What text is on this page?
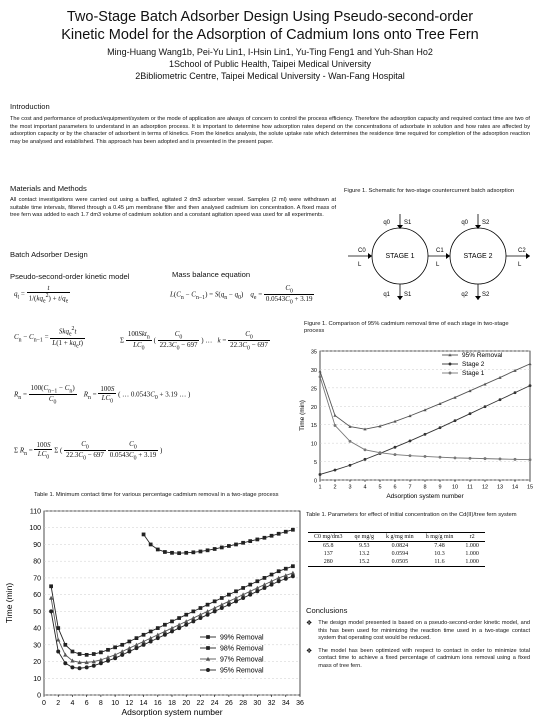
Two-Stage Batch Adsorber Design Using Pseudo-second-order
Kinetic Model for the Adsorption of Cadmium Ions onto Tree Fern
Ming-Huang Wang1b, Pei-Yu Lin1, I-Hsin Lin1, Yu-Ting Feng1 and Yuh-Shan Ho2
1School of Public Health, Taipei Medical University
2Bibliometric Centre, Taipei Medical University - Wan-Fang Hospital
Introduction
The cost and performance of product/equipment/system or the mode of application are always of concern to control the process efficiency. Therefore the adsorption capacity and required contact time are two of the most important parameters to understand in an adsorption process. It is important to determine how adsorption rates depend on the concentrations of adsorbate in solution and how rates are affected by adsorption capacity or by the character of adsorbent in terms of kinetics. From the kinetics analysis, the solute uptake rate which determines the residence time required for completion of the adsorption reaction may be analysed and established. This approach has been adopted and is presented in the present paper.
Materials and Methods
All contact investigations were carried out using a baffled, agitated 2 dm3 adsorber vessel. Samples (2 ml) were withdrawn at suitable time intervals, filtered through a 0.45 µm membrane filter and then analysed cadmium ion concentration. A fixed mass of tree fern was added to each 1.7 dm3 volume of cadmium solution and a constant agitation speed was used for all experiments.
Batch Adsorber Design
Pseudo-second-order kinetic model	Mass balance equation
$q_t = \frac{t}{1/(kq_e^2) + t/q_e}$	$L(C_n - C_{n-1}) = S(q_n - q_0)$    $q_e = \frac{C_0}{0.0543C_0 + 3.19}$
$C_n - C_{n-1} = \frac{Skq_e^2t}{L(1 + kq_et)}$	Σ $\frac{100Skt_n}{LC_0}$ ( $\frac{C_0}{22.3C_0 - 697}$ ) …   $k = \frac{C_0}{22.3C_0 - 697}$
$R_n = \frac{100(C_{n-1} - C_n)}{C_0} R_n = \frac{100S}{LC_0}$ ( … $0.0543C_0 + 3.19$ … )
Σ $R_n = \frac{100S}{LC_0}$ Σ ( $\frac{C_0}{22.3C_0 - 697}$
$\frac{C_0}{0.0543C_0 + 3.19}$ )
Figure 1. Schematic for two-stage countercurrent batch adsorption
STAGE 1	STAGE 2
q0 S1	q0 S2
C0
L
C1
L
C2
L
q1 S1	q2 S2
Figure 1. Comparison of 95% cadmium removal time of each stage in two-stage process
0
5
10
15
20
25
30
35
1 2 3 4 5 6 7 8 9 10 11 12 13 14 15
Adsorption system number
Time (min)
95% Removal
Stage 2
Stage 1
Table 1. Minimum contact time for various percentage cadmium removal in a two-stage process
0
10
20
30
40
50
60
70
80
90
100
110
0 2 4 6 8 10 12 14 16 18 20 22 24 26 28 30 32 34 36
Adsorption system number
Time (min)
99% Removal
98% Removal
97% Removal
95% Removal
Table 1. Parameters for effect of initial concentration on the Cd(II)/tree fern system
C0 mg/dm3	qe mg/g	k g/mg min	h mg/g min	r2
65.8	9.53	0.0824	7.48	1.000
137	13.2	0.0594	10.3	1.000
280	15.2	0.0505	11.6	1.000
Conclusions
❖ The design model presented is based on a pseudo-second-order kinetic model, and this has been used for minimizing the reaction time used in a two-stage contact system that operating cost would be reduced.
❖ The model has been optimized with respect to contact in order to minimize total contact time to achieve a fixed percentage of cadmium ions removal using a fixed mass of tree fern.
